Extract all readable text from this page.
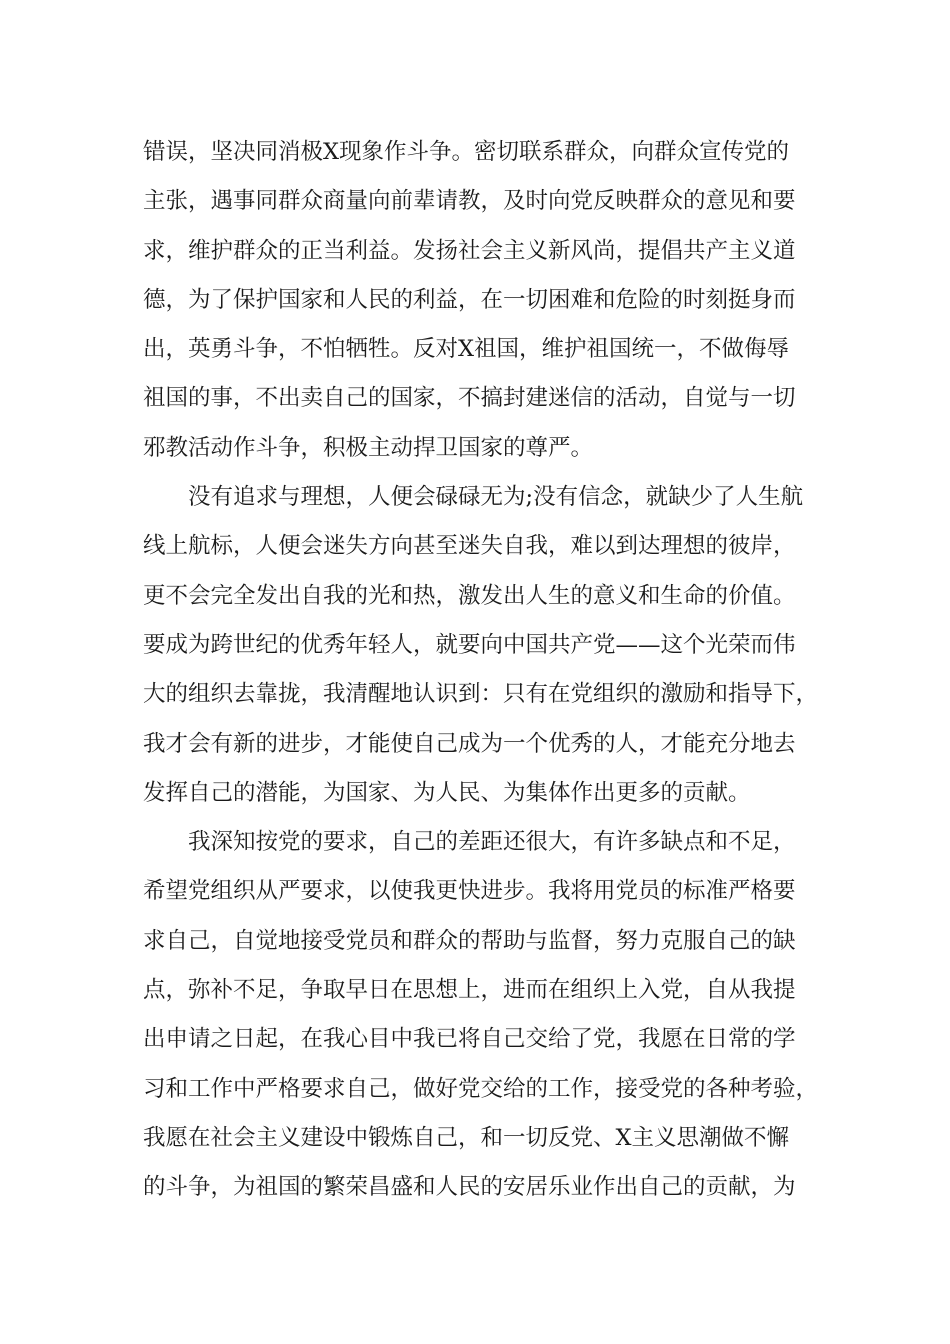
错误，坚决同消极X现象作斗争。密切联系群众，向群众宣传党的
主张，遇事同群众商量向前辈请教，及时向党反映群众的意见和要
求，维护群众的正当利益。发扬社会主义新风尚，提倡共产主义道
德，为了保护国家和人民的利益，在一切困难和危险的时刻挺身而
出，英勇斗争，不怕牺牲。反对X祖国，维护祖国统一，不做侮辱
祖国的事，不出卖自己的国家，不搞封建迷信的活动，自觉与一切
邪教活动作斗争，积极主动捍卫国家的尊严。
没有追求与理想，人便会碌碌无为;没有信念，就缺少了人生航
线上航标，人便会迷失方向甚至迷失自我，难以到达理想的彼岸，
更不会完全发出自我的光和热，激发出人生的意义和生命的价值。
要成为跨世纪的优秀年轻人，就要向中国共产党——这个光荣而伟
大的组织去靠拢，我清醒地认识到：只有在党组织的激励和指导下，
我才会有新的进步，才能使自己成为一个优秀的人，才能充分地去
发挥自己的潜能，为国家、为人民、为集体作出更多的贡献。
我深知按党的要求，自己的差距还很大，有许多缺点和不足，
希望党组织从严要求，以使我更快进步。我将用党员的标准严格要
求自己，自觉地接受党员和群众的帮助与监督，努力克服自己的缺
点，弥补不足，争取早日在思想上，进而在组织上入党，自从我提
出申请之日起，在我心目中我已将自己交给了党，我愿在日常的学
习和工作中严格要求自己，做好党交给的工作，接受党的各种考验，
我愿在社会主义建设中锻炼自己，和一切反党、X主义思潮做不懈
的斗争，为祖国的繁荣昌盛和人民的安居乐业作出自己的贡献，为
